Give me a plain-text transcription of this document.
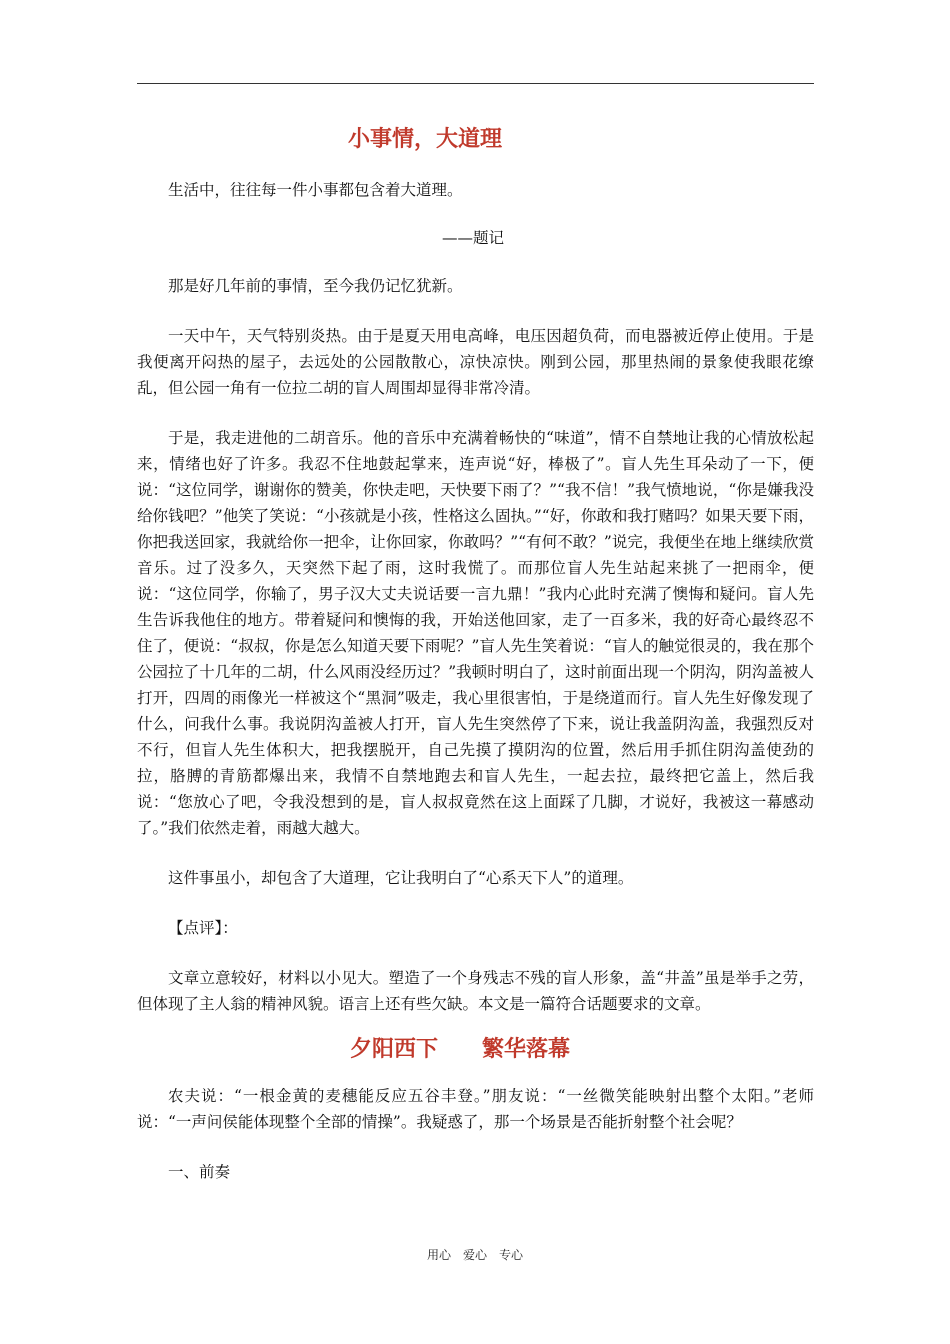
小事情，大道理

生活中，往往每一件小事都包含着大道理。

——题记

那是好几年前的事情，至今我仍记忆犹新。

一天中午，天气特别炎热。由于是夏天用电高峰，电压因超负荷，而电器被近停止使用。于是我便离开闷热的屋子，去远处的公园散散心，凉快凉快。刚到公园，那里热闹的景象使我眼花缭乱，但公园一角有一位拉二胡的盲人周围却显得非常冷清。

于是，我走进他的二胡音乐。他的音乐中充满着畅快的“味道”，情不自禁地让我的心情放松起来，情绪也好了许多。我忍不住地鼓起掌来，连声说“好，棒极了”。盲人先生耳朵动了一下，便说：“这位同学，谢谢你的赞美，你快走吧，天快要下雨了？”“我不信！”我气愤地说，“你是嫌我没给你钱吧？”他笑了笑说：“小孩就是小孩，性格这么固执。”“好，你敢和我打赌吗？如果天要下雨，你把我送回家，我就给你一把伞，让你回家，你敢吗？”“有何不敢？”说完，我便坐在地上继续欣赏音乐。过了没多久，天突然下起了雨，这时我慌了。而那位盲人先生站起来挑了一把雨伞，便说：“这位同学，你输了，男子汉大丈夫说话要一言九鼎！”我内心此时充满了懊悔和疑问。盲人先生告诉我他住的地方。带着疑问和懊悔的我，开始送他回家，走了一百多米，我的好奇心最终忍不住了，便说：“叔叔，你是怎么知道天要下雨呢？”盲人先生笑着说：“盲人的触觉很灵的，我在那个公园拉了十几年的二胡，什么风雨没经历过？”我顿时明白了，这时前面出现一个阴沟，阴沟盖被人打开，四周的雨像光一样被这个“黑洞”吸走，我心里很害怕，于是绕道而行。盲人先生好像发现了什么，问我什么事。我说阴沟盖被人打开，盲人先生突然停了下来，说让我盖阴沟盖，我强烈反对不行，但盲人先生体积大，把我摆脱开，自己先摸了摸阴沟的位置，然后用手抓住阴沟盖使劲的拉，胳膊的青筋都爆出来，我情不自禁地跑去和盲人先生，一起去拉，最终把它盖上，然后我说：“您放心了吧，令我没想到的是，盲人叔叔竟然在这上面踩了几脚，才说好，我被这一幕感动了。”我们依然走着，雨越大越大。

这件事虽小，却包含了大道理，它让我明白了“心系天下人”的道理。

【点评】：

文章立意较好，材料以小见大。塑造了一个身残志不残的盲人形象，盖“井盖”虽是举手之劳，但体现了主人翁的精神风貌。语言上还有些欠缺。本文是一篇符合话题要求的文章。

夕阳西下　　繁华落幕

农夫说：“一根金黄的麦穗能反应五谷丰登。”朋友说：“一丝微笑能映射出整个太阳。”老师说：“一声问侯能体现整个全部的情操”。我疑惑了，那一个场景是否能折射整个社会呢？

一、前奏

用心　爱心　专心
